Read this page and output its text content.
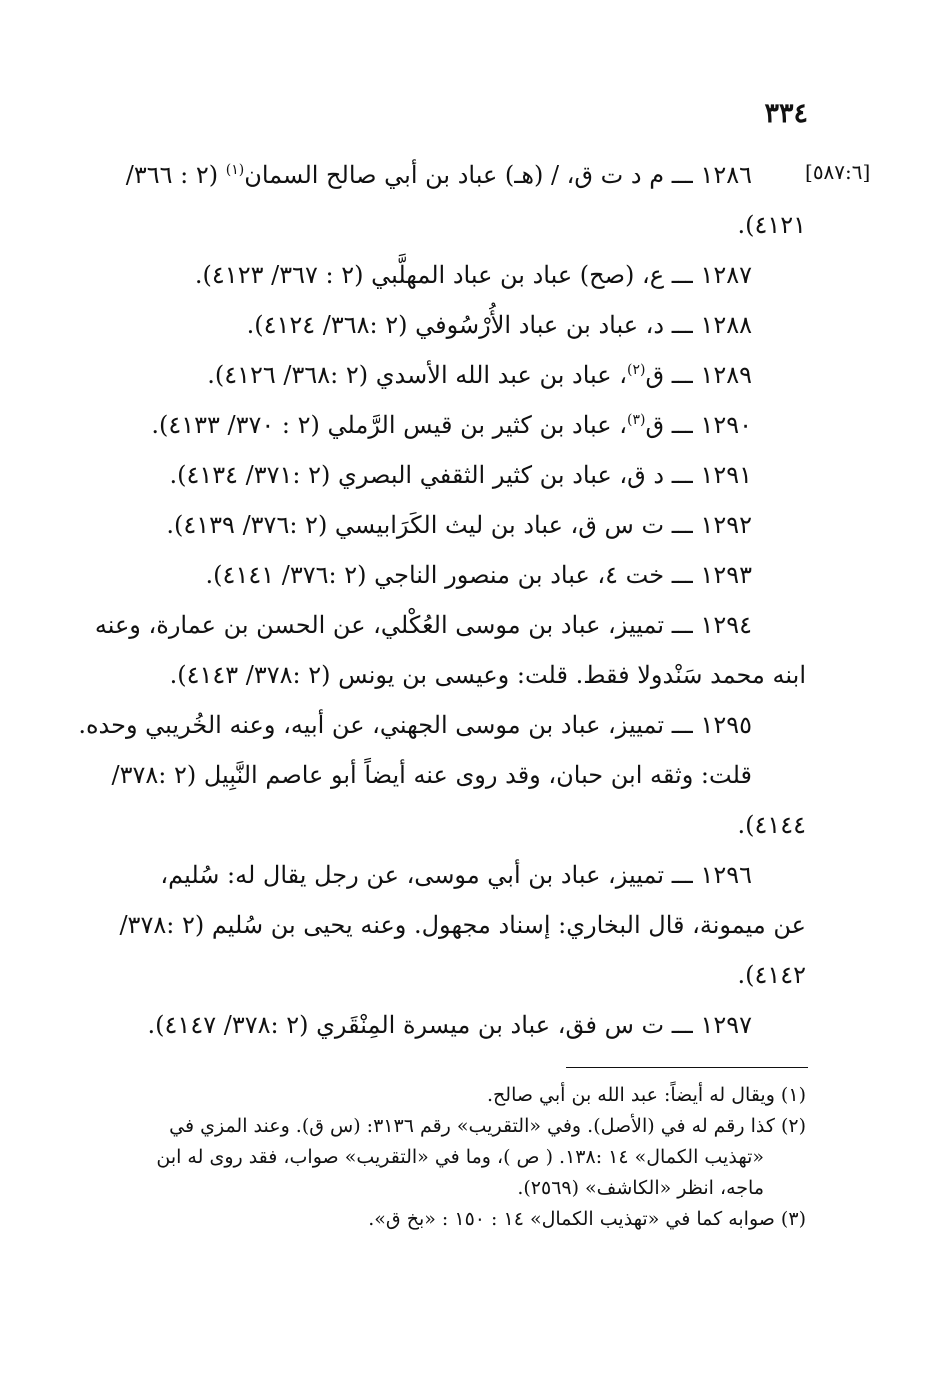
٣٣٤
[٥٨٧:٦]
١٢٨٦ ـــ م د ت ق، / (هـ) عباد بن أبي صالح السمان$^{(١)}$ (٢ : ٣٦٦/
٤١٢١).
١٢٨٧ ـــ ع، (صح) عباد بن عباد المهلَّبي (٢ : ٣٦٧/ ٤١٢٣).
١٢٨٨ ـــ د، عباد بن عباد الأُرْسُوفي (٢ :٣٦٨/ ٤١٢٤).
١٢٨٩ ـــ ق$^{(٢)}$، عباد بن عبد الله الأسدي (٢ :٣٦٨/ ٤١٢٦).
١٢٩٠ ـــ ق$^{(٣)}$، عباد بن كثير بن قيس الرَّملي (٢ : ٣٧٠/ ٤١٣٣).
١٢٩١ ـــ د ق، عباد بن كثير الثقفي البصري (٢ :٣٧١/ ٤١٣٤).
١٢٩٢ ـــ ت س ق، عباد بن ليث الكَرَابيسي (٢ :٣٧٦/ ٤١٣٩).
١٢٩٣ ـــ خت ٤، عباد بن منصور الناجي (٢ :٣٧٦/ ٤١٤١).
١٢٩٤ ـــ تمييز، عباد بن موسى العُكْلي، عن الحسن بن عمارة، وعنه
ابنه محمد سَنْدولا فقط. قلت: وعيسى بن يونس (٢ :٣٧٨/ ٤١٤٣).
١٢٩٥ ـــ تمييز، عباد بن موسى الجهني، عن أبيه، وعنه الخُريبي وحده.
قلت: وثقه ابن حبان، وقد روى عنه أيضاً أبو عاصم النَّبِيل (٢ :٣٧٨/
٤١٤٤).
١٢٩٦ ـــ تمييز، عباد بن أبي موسى، عن رجل يقال له: سُليم،
عن ميمونة، قال البخاري: إسناد مجهول. وعنه يحيى بن سُليم (٢ :٣٧٨/
٤١٤٢).
١٢٩٧ ـــ ت س فق، عباد بن ميسرة المِنْقَري (٢ :٣٧٨/ ٤١٤٧).
(١) ويقال له أيضاً: عبد الله بن أبي صالح.
(٢) كذا رقم له في (الأصل). وفي «التقريب» رقم ٣١٣٦: (س ق). وعند المزي في
«تهذيب الكمال» ١٤ :١٣٨. ( ص )، وما في «التقريب» صواب، فقد روى له ابن
ماجه، انظر «الكاشف» (٢٥٦٩).
(٣) صوابه كما في «تهذيب الكمال» ١٤ : ١٥٠ : «بخ ق».
